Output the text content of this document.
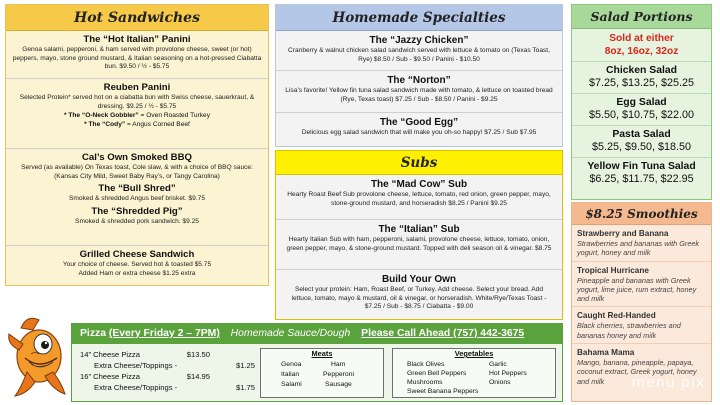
Hot Sandwiches
The “Hot Italian” Panini
Genoa salami, pepperoni, & ham served with provolone cheese, sweet (or hot) peppers, mayo, stone ground mustard, & Italian seasoning on a hot-pressed Ciabatta bun. $9.50 / ½ - $5.75
Reuben Panini
Selected Protein* served hot on a ciabatta bun with Swiss cheese, sauerkraut, & dressing. $9.25 / ½ - $5.75
* The “O-Neck Gobbler” = Oven Roasted Turkey
* The “Cody” = Angus Corned Beef
Cal’s Own Smoked BBQ
Served (as available) On Texas toast, Cole slaw, & with a choice of BBQ sauce: (Kansas City Mild, Sweet Baby Ray’s, or Tangy Carolina)
The “Bull Shred”
Smoked & shredded Angus beef brisket. $9.75
The “Shredded Pig”
Smoked & shredded pork sandwich. $9.25
Grilled Cheese Sandwich
Your choice of cheese. Served hot & toasted $5.75
Added Ham or extra cheese $1.25 extra
Homemade Specialties
The “Jazzy Chicken”
Cranberry & walnut chicken salad sandwich served with lettuce & tomato on (Texas Toast, Rye) $8.50 / Sub - $9.50 / Panini - $10.50
The “Norton”
Lisa’s favorite! Yellow fin tuna salad sandwich made with tomato, & lettuce on toasted bread (Rye, Texas toast) $7.25 / Sub - $8.50 / Panini - $9.25
The “Good Egg”
Delicious egg salad sandwich that will make you oh-so happy! $7.25 / Sub $7.95
Subs
The “Mad Cow” Sub
Hearty Roast Beef Sub provolone cheese, lettuce, tomato, red onion, green pepper, mayo, stone-ground mustard, and horseradish $8.25 / Panini $9.25
The “Italian” Sub
Hearty Italian Sub with ham, pepperoni, salami, provolone cheese, lettuce, tomato, onion, green pepper, mayo, & stone-ground mustard. Topped with deli season oil & vinegar. $8.75
Build Your Own
Select your protein: Ham, Roast Beef, or Turkey. Add cheese. Select your bread. Add lettuce, tomato, mayo & mustard, oil & vinegar, or horseradish. White/Rye/Texas Toast - $7.25 / Sub - $8.75 / Ciabatta - $9.00
Salad Portions
Sold at either
8oz, 16oz, 32oz
Chicken Salad
$7.25, $13.25, $25.25
Egg Salad
$5.50, $10.75, $22.00
Pasta Salad
$5.25, $9.50, $18.50
Yellow Fin Tuna Salad
$6.25, $11.75, $22.95
$8.25 Smoothies
Strawberry and Banana
Strawberries and bananas with Greek yogurt, honey and milk
Tropical Hurricane
Pineapple and bananas with Greek yogurt, lime juice, rum extract, honey and milk
Caught Red-Handed
Black cherries, strawberries and bananas honey and milk
Bahama Mama
Mango, banana, pineapple, papaya, coconut extract, Greek yogurt, honey and milk	menu pix
Pizza (Every Friday 2 – 7PM) Homemade Sauce/Dough Please Call Ahead (757) 442-3675
14” Cheese Pizza	$13.50
Extra Cheese/Toppings -	$1.25
16” Cheese Pizza	$14.95
Extra Cheese/Toppings -	$1.75
Meats
Genoa	Ham
Italian	Pepperoni
Salami	Sausage
Vegetables
Black Olives	Garlic
Green Bell Peppers	Hot Peppers
Mushrooms	Onions
Sweet Banana Peppers
